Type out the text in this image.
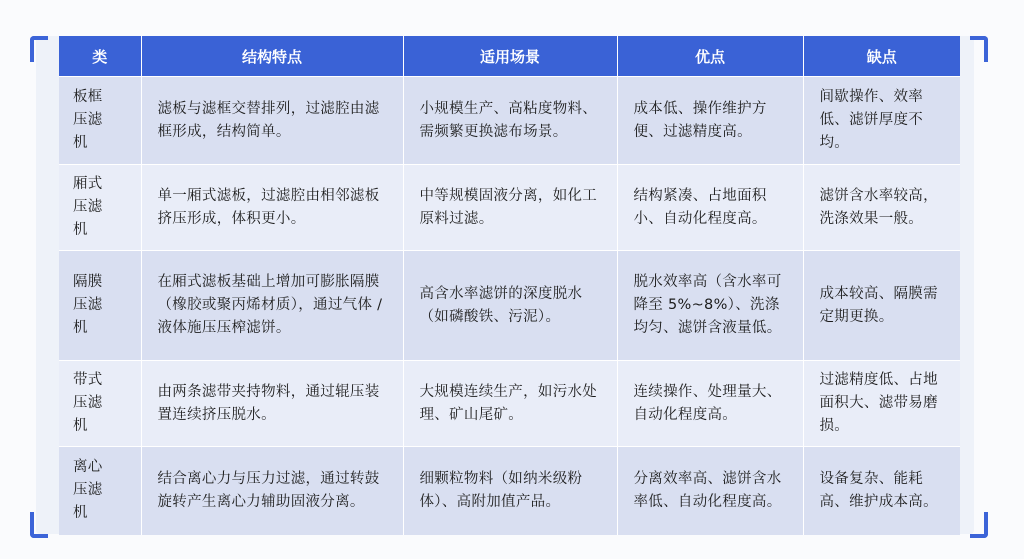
类	结构特点	适用场景	优点	缺点

板框压滤机	滤板与滤框交替排列，过滤腔由滤框形成，结构简单。	小规模生产、高粘度物料、需频繁更换滤布场景。	成本低、操作维护方便、过滤精度高。	间歇操作、效率低、滤饼厚度不均。

厢式压滤机	单一厢式滤板，过滤腔由相邻滤板挤压形成，体积更小。	中等规模固液分离，如化工原料过滤。	结构紧凑、占地面积小、自动化程度高。	滤饼含水率较高，洗涤效果一般。

隔膜压滤机	在厢式滤板基础上增加可膨胀隔膜（橡胶或聚丙烯材质），通过气体 / 液体施压压榨滤饼。	高含水率滤饼的深度脱水（如磷酸铁、污泥）。	脱水效率高（含水率可降至 5%~8%）、洗涤均匀、滤饼含液量低。	成本较高、隔膜需定期更换。

带式压滤机	由两条滤带夹持物料，通过辊压装置连续挤压脱水。	大规模连续生产，如污水处理、矿山尾矿。	连续操作、处理量大、自动化程度高。	过滤精度低、占地面积大、滤带易磨损。

离心压滤机	结合离心力与压力过滤，通过转鼓旋转产生离心力辅助固液分离。	细颗粒物料（如纳米级粉体）、高附加值产品。	分离效率高、滤饼含水率低、自动化程度高。	设备复杂、能耗高、维护成本高。
